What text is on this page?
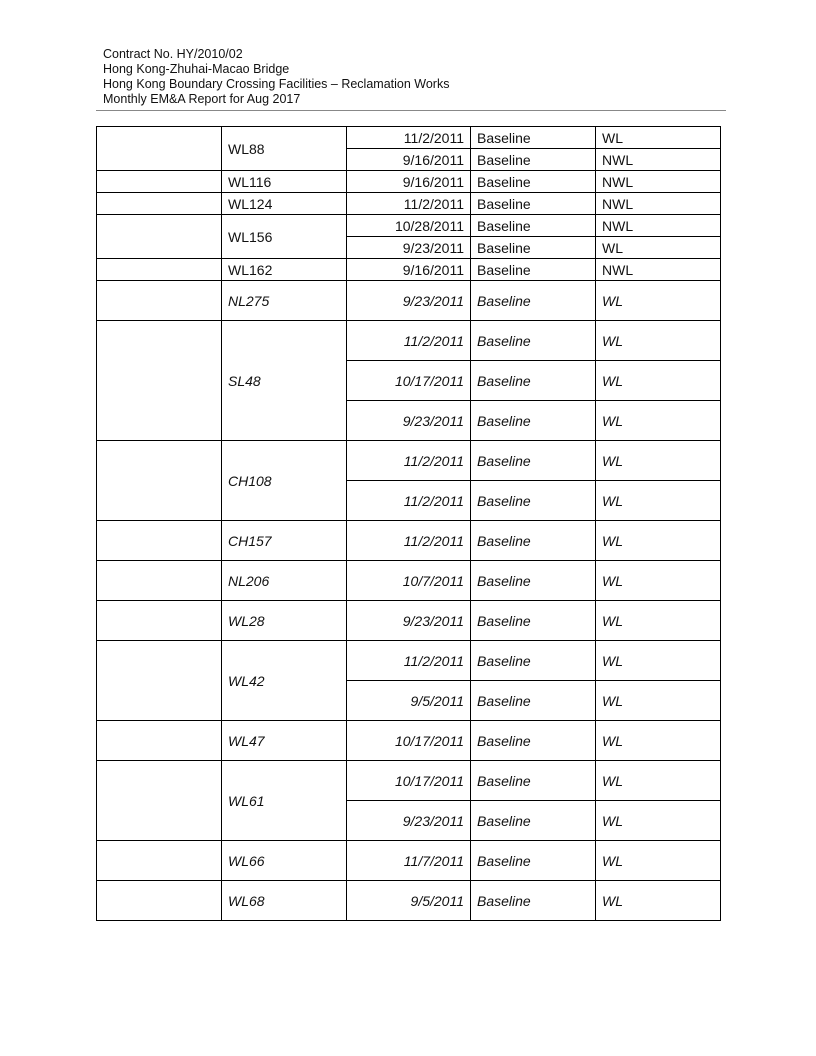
Contract No. HY/2010/02
Hong Kong-Zhuhai-Macao Bridge
Hong Kong Boundary Crossing Facilities – Reclamation Works
Monthly EM&A Report for Aug 2017
	WL88	11/2/2011	Baseline	WL
		9/16/2011	Baseline	NWL
	WL116	9/16/2011	Baseline	NWL
	WL124	11/2/2011	Baseline	NWL
	WL156	10/28/2011	Baseline	NWL
		9/23/2011	Baseline	WL
	WL162	9/16/2011	Baseline	NWL
	NL275	9/23/2011	Baseline	WL
	SL48	11/2/2011	Baseline	WL
		10/17/2011	Baseline	WL
		9/23/2011	Baseline	WL
	CH108	11/2/2011	Baseline	WL
		11/2/2011	Baseline	WL
	CH157	11/2/2011	Baseline	WL
	NL206	10/7/2011	Baseline	WL
	WL28	9/23/2011	Baseline	WL
	WL42	11/2/2011	Baseline	WL
		9/5/2011	Baseline	WL
	WL47	10/17/2011	Baseline	WL
	WL61	10/17/2011	Baseline	WL
		9/23/2011	Baseline	WL
	WL66	11/7/2011	Baseline	WL
	WL68	9/5/2011	Baseline	WL
